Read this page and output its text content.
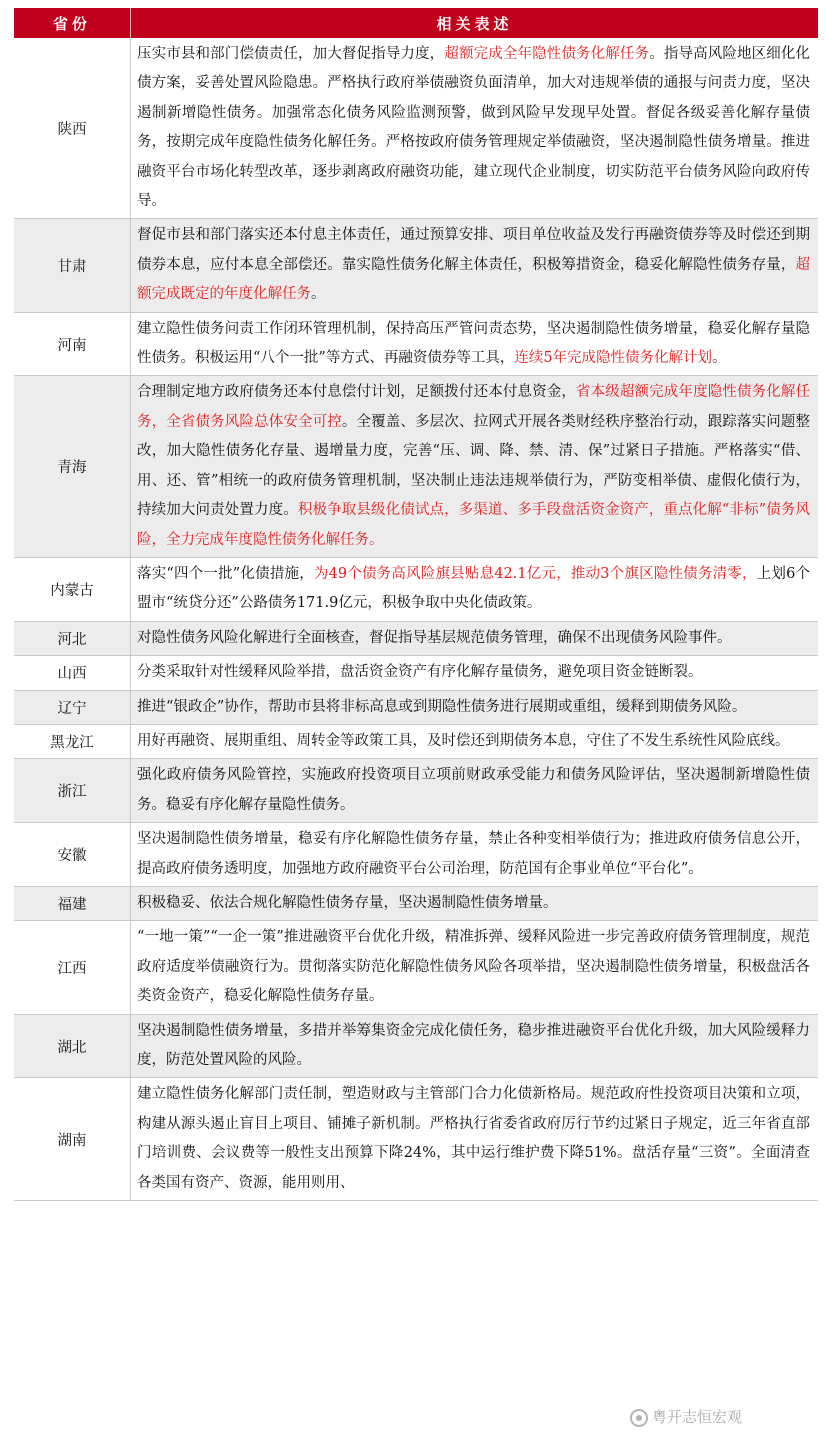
省份	相关表述
陕西	压实市县和部门偿债责任，加大督促指导力度，超额完成全年隐性债务化解任务。指导高风险地区细化化债方案，妥善处置风险隐患。严格执行政府举债融资负面清单，加大对违规举债的通报与问责力度，坚决遏制新增隐性债务。加强常态化债务风险监测预警，做到风险早发现早处置。督促各级妥善化解存量债务，按期完成年度隐性债务化解任务。严格按政府债务管理规定举债融资，坚决遏制隐性债务增量。推进融资平台市场化转型改革，逐步剥离政府融资功能，建立现代企业制度，切实防范平台债务风险向政府传导。
甘肃	督促市县和部门落实还本付息主体责任，通过预算安排、项目单位收益及发行再融资债券等及时偿还到期债券本息，应付本息全部偿还。靠实隐性债务化解主体责任，积极筹措资金，稳妥化解隐性债务存量，超额完成既定的年度化解任务。
河南	建立隐性债务问责工作闭环管理机制，保持高压严管问责态势，坚决遏制隐性债务增量，稳妥化解存量隐性债务。积极运用“八个一批”等方式、再融资债券等工具，连续5年完成隐性债务化解计划。
青海	合理制定地方政府债务还本付息偿付计划，足额拨付还本付息资金，省本级超额完成年度隐性债务化解任务，全省债务风险总体安全可控。全覆盖、多层次、拉网式开展各类财经秩序整治行动，跟踪落实问题整改，加大隐性债务化存量、遏增量力度，完善“压、调、降、禁、清、保”过紧日子措施。严格落实“借、用、还、管”相统一的政府债务管理机制，坚决制止违法违规举债行为，严防变相举债、虚假化债行为，持续加大问责处置力度。积极争取县级化债试点，多渠道、多手段盘活资金资产，重点化解“非标”债务风险，全力完成年度隐性债务化解任务。
内蒙古	落实“四个一批”化债措施，为49个债务高风险旗县贴息42.1亿元，推动3个旗区隐性债务清零，上划6个盟市“统贷分还”公路债务171.9亿元，积极争取中央化债政策。
河北	对隐性债务风险化解进行全面核查，督促指导基层规范债务管理，确保不出现债务风险事件。
山西	分类采取针对性缓释风险举措，盘活资金资产有序化解存量债务，避免项目资金链断裂。
辽宁	推进“银政企”协作，帮助市县将非标高息或到期隐性债务进行展期或重组，缓释到期债务风险。
黑龙江	用好再融资、展期重组、周转金等政策工具，及时偿还到期债务本息，守住了不发生系统性风险底线。
浙江	强化政府债务风险管控，实施政府投资项目立项前财政承受能力和债务风险评估，坚决遏制新增隐性债务。稳妥有序化解存量隐性债务。
安徽	坚决遏制隐性债务增量，稳妥有序化解隐性债务存量，禁止各种变相举债行为；推进政府债务信息公开，提高政府债务透明度，加强地方政府融资平台公司治理，防范国有企事业单位“平台化”。
福建	积极稳妥、依法合规化解隐性债务存量，坚决遏制隐性债务增量。
江西	“一地一策”“一企一策”推进融资平台优化升级，精准拆弹、缓释风险进一步完善政府债务管理制度，规范政府适度举债融资行为。贯彻落实防范化解隐性债务风险各项举措，坚决遏制隐性债务增量，积极盘活各类资金资产，稳妥化解隐性债务存量。
湖北	坚决遏制隐性债务增量，多措并举筹集资金完成化债任务，稳步推进融资平台优化升级，加大风险缓释力度，防范处置风险的风险。
湖南	建立隐性债务化解部门责任制，塑造财政与主管部门合力化债新格局。规范政府性投资项目决策和立项，构建从源头遏止盲目上项目、铺摊子新机制。严格执行省委省政府厉行节约过紧日子规定，近三年省直部门培训费、会议费等一般性支出预算下降24%，其中运行维护费下降51%。盘活存量“三资”。全面清查各类国有资产、资源，能用则用、
粤开志恒宏观
